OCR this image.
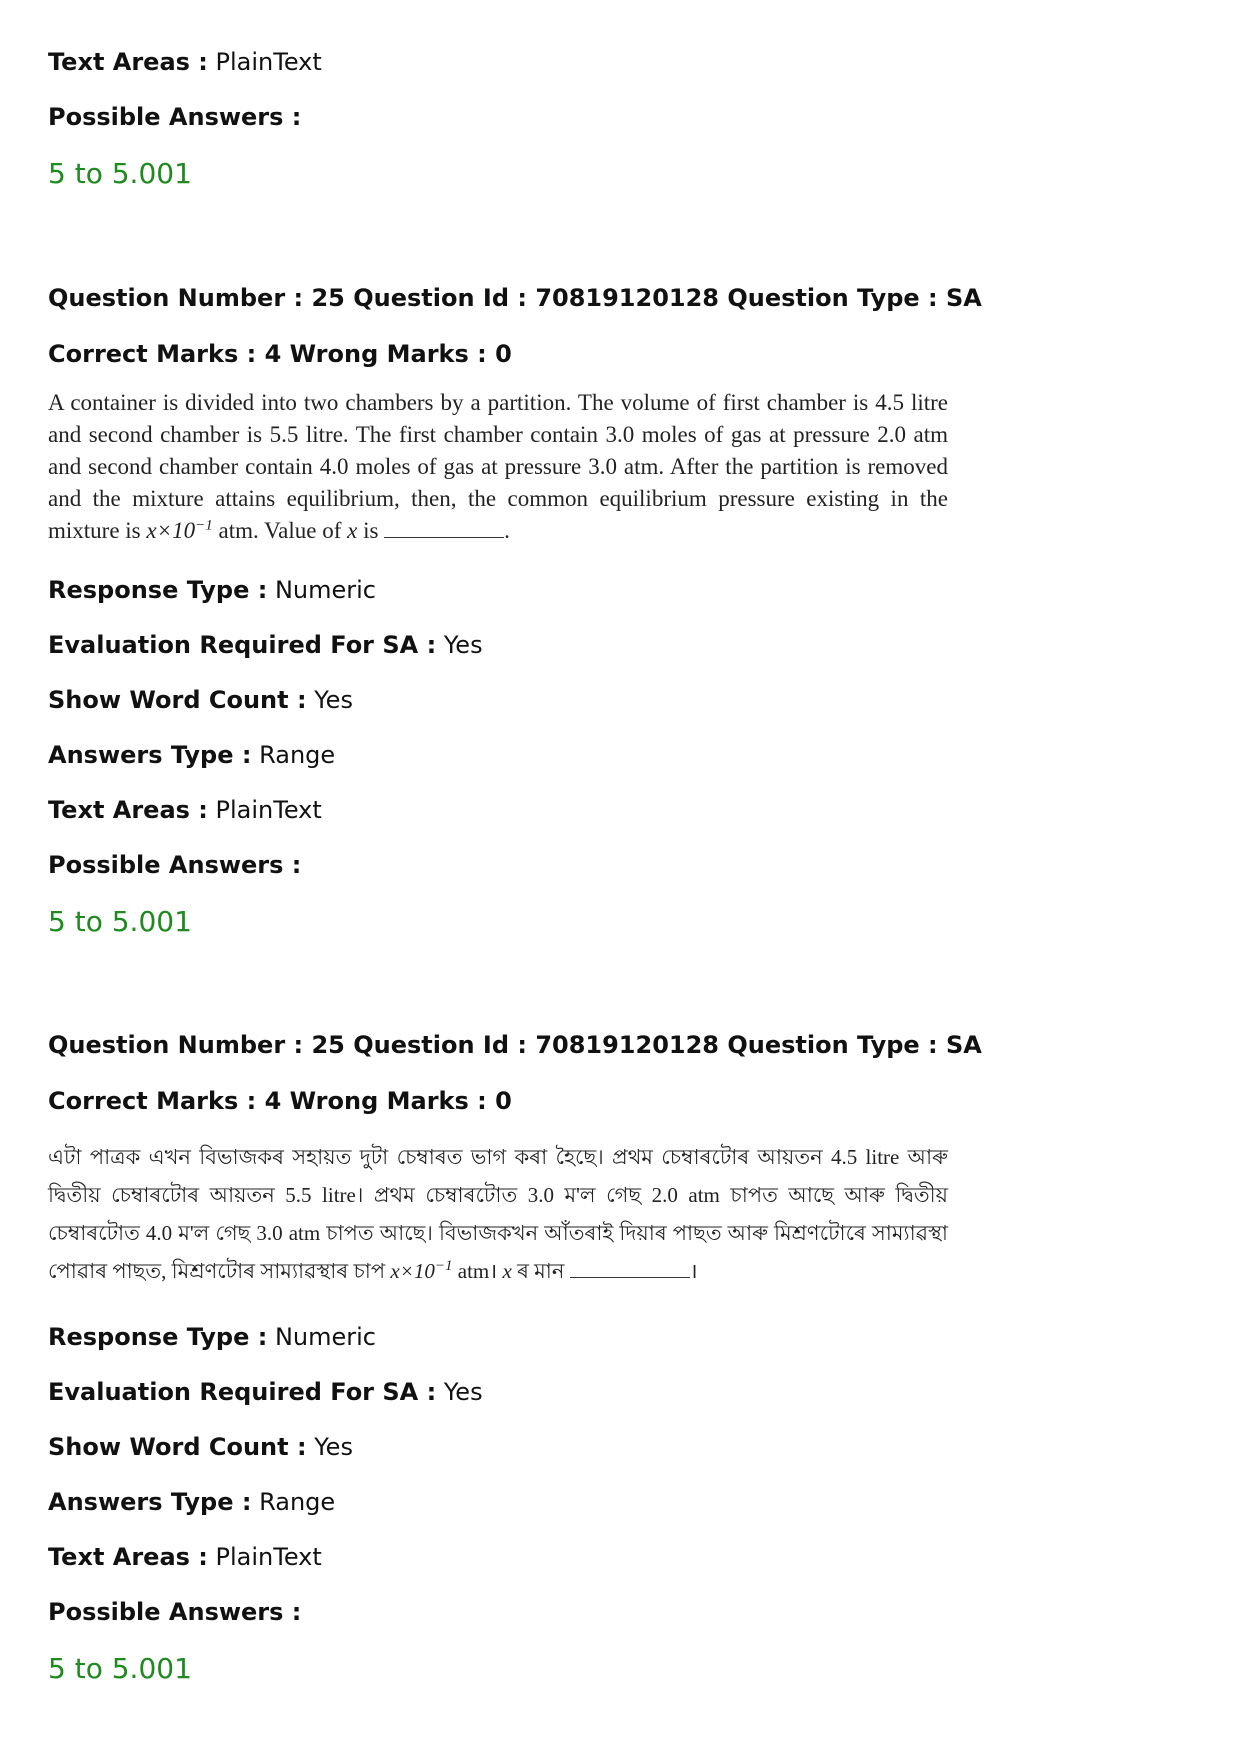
Text Areas : PlainText
Possible Answers :
5 to 5.001
Question Number : 25 Question Id : 70819120128 Question Type : SA
Correct Marks : 4 Wrong Marks : 0
A container is divided into two chambers by a partition. The volume of first chamber is 4.5 litre and second chamber is 5.5 litre. The first chamber contain 3.0 moles of gas at pressure 2.0 atm and second chamber contain 4.0 moles of gas at pressure 3.0 atm. After the partition is removed and the mixture attains equilibrium, then, the common equilibrium pressure existing in the mixture is $x\times 10^{-1}$ atm. Value of x is	.
Response Type : Numeric
Evaluation Required For SA : Yes
Show Word Count : Yes
Answers Type : Range
Text Areas : PlainText
Possible Answers :
5 to 5.001
Question Number : 25 Question Id : 70819120128 Question Type : SA
Correct Marks : 4 Wrong Marks : 0
এটা পাত্ৰক এখন বিভাজকৰ সহায়ত দুটা চেম্বাৰত ভাগ কৰা হৈছে। প্ৰথম চেম্বাৰটোৰ আয়তন 4.5 litre আৰু দ্বিতীয় চেম্বাৰটোৰ আয়তন 5.5 litre। প্ৰথম চেম্বাৰটোত 3.0 ম'ল গেছ 2.0 atm চাপত আছে আৰু দ্বিতীয় চেম্বাৰটোত 4.0 ম'ল গেছ 3.0 atm চাপত আছে। বিভাজকখন আঁতৰাই দিয়াৰ পাছত আৰু মিশ্ৰণটোৰে সাম্যাৱস্থা পোৱাৰ পাছত, মিশ্ৰণটোৰ সাম্যাৱস্থাৰ চাপ $x\times 10^{-1}$ atm। x ৰ মান	।
Response Type : Numeric
Evaluation Required For SA : Yes
Show Word Count : Yes
Answers Type : Range
Text Areas : PlainText
Possible Answers :
5 to 5.001
